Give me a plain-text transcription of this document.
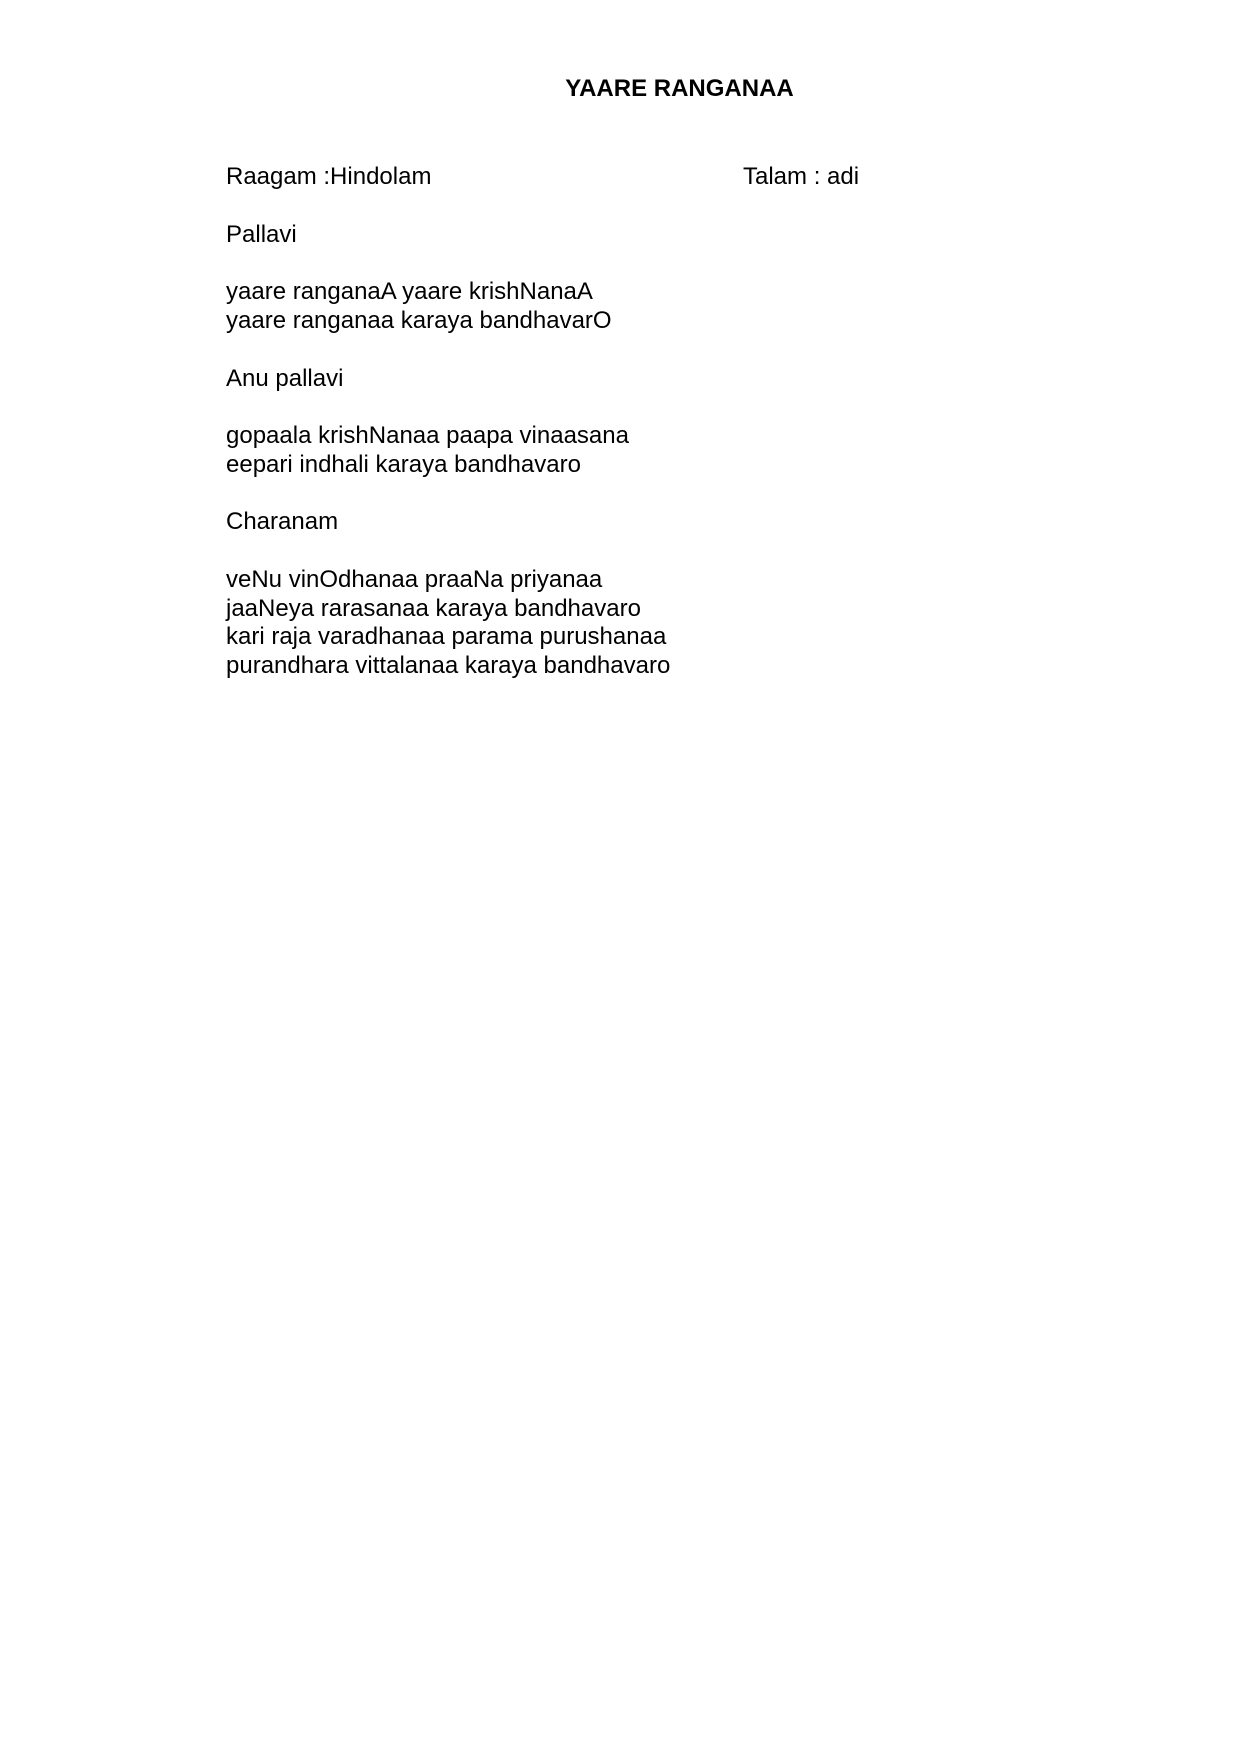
YAARE RANGANAA
Raagam :Hindolam	Talam : adi
Pallavi
yaare ranganaA yaare krishNanaA
yaare ranganaa karaya bandhavarO
Anu pallavi
gopaala krishNanaa paapa vinaasana
eepari indhali karaya bandhavaro
Charanam
veNu vinOdhanaa praaNa priyanaa
jaaNeya rarasanaa karaya bandhavaro
kari raja varadhanaa parama purushanaa
purandhara vittalanaa karaya bandhavaro
